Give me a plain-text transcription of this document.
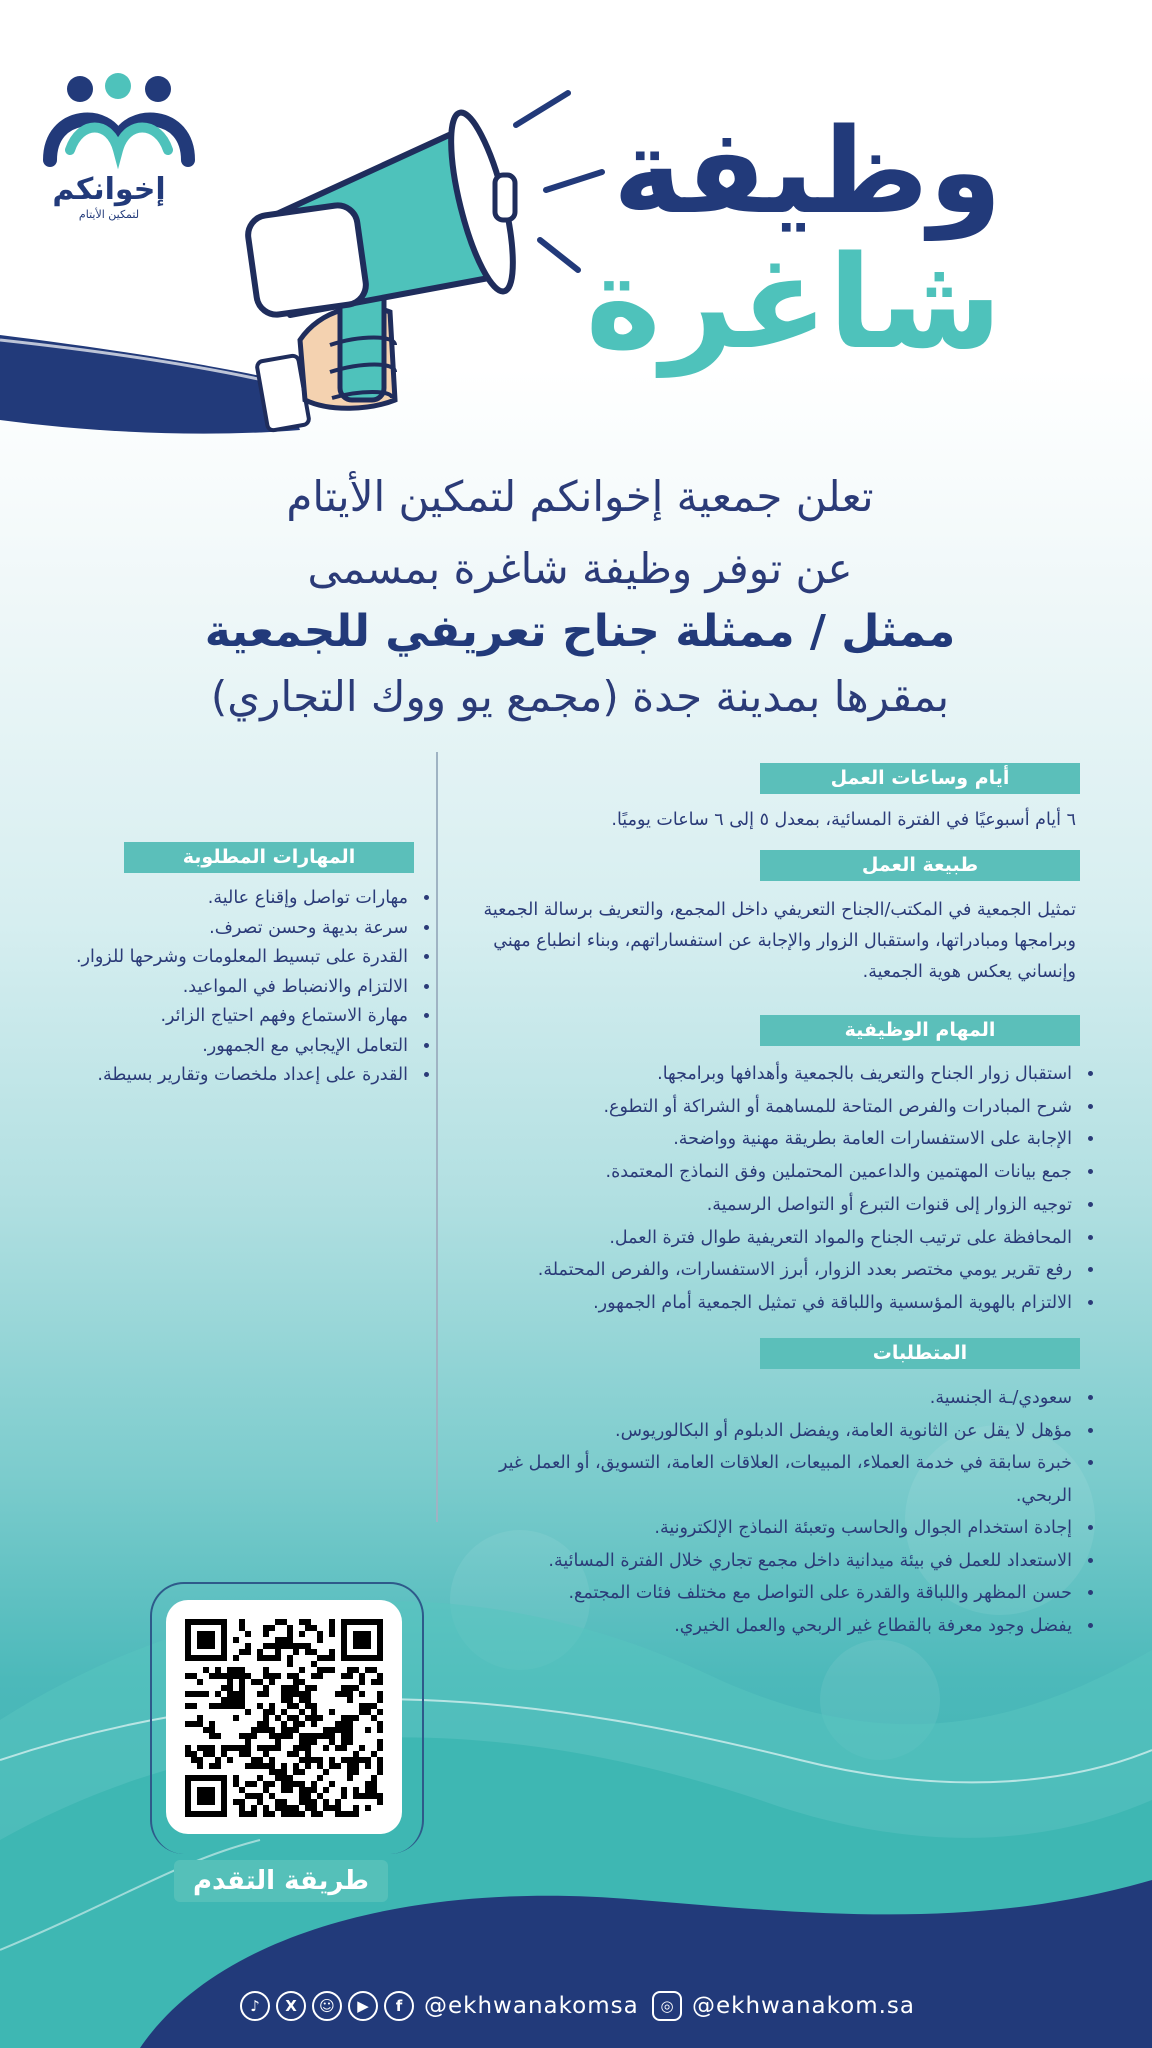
إخوانكم
لتمكين الأيتام	وظيفة
شاغرة
تعلن جمعية إخوانكم لتمكين الأيتام
عن توفر وظيفة شاغرة بمسمى
ممثل / ممثلة جناح تعريفي للجمعية
بمقرها بمدينة جدة (مجمع يو ووك التجاري)
أيام وساعات العمل
٦ أيام أسبوعيًا في الفترة المسائية، بمعدل ٥ إلى ٦ ساعات يوميًا.
طبيعة العمل
تمثيل الجمعية في المكتب/الجناح التعريفي داخل المجمع، والتعريف برسالة الجمعية وبرامجها ومبادراتها، واستقبال الزوار والإجابة عن استفساراتهم، وبناء انطباع مهني وإنساني يعكس هوية الجمعية.
المهام الوظيفية
• استقبال زوار الجناح والتعريف بالجمعية وأهدافها وبرامجها.
• شرح المبادرات والفرص المتاحة للمساهمة أو الشراكة أو التطوع.
• الإجابة على الاستفسارات العامة بطريقة مهنية وواضحة.
• جمع بيانات المهتمين والداعمين المحتملين وفق النماذج المعتمدة.
• توجيه الزوار إلى قنوات التبرع أو التواصل الرسمية.
• المحافظة على ترتيب الجناح والمواد التعريفية طوال فترة العمل.
• رفع تقرير يومي مختصر بعدد الزوار، أبرز الاستفسارات، والفرص المحتملة.
• الالتزام بالهوية المؤسسية واللباقة في تمثيل الجمعية أمام الجمهور.
المتطلبات
• سعودي/ـة الجنسية.
• مؤهل لا يقل عن الثانوية العامة، ويفضل الدبلوم أو البكالوريوس.
• خبرة سابقة في خدمة العملاء، المبيعات، العلاقات العامة، التسويق، أو العمل غير الربحي.
• إجادة استخدام الجوال والحاسب وتعبئة النماذج الإلكترونية.
• الاستعداد للعمل في بيئة ميدانية داخل مجمع تجاري خلال الفترة المسائية.
• حسن المظهر واللباقة والقدرة على التواصل مع مختلف فئات المجتمع.
• يفضل وجود معرفة بالقطاع غير الربحي والعمل الخيري.
المهارات المطلوبة
• مهارات تواصل وإقناع عالية.
• سرعة بديهة وحسن تصرف.
• القدرة على تبسيط المعلومات وشرحها للزوار.
• الالتزام والانضباط في المواعيد.
• مهارة الاستماع وفهم احتياج الزائر.
• التعامل الإيجابي مع الجمهور.
• القدرة على إعداد ملخصات وتقارير بسيطة.
طريقة التقدم
♪	X	☺	▶	f @ekhwanakomsa	◎ @ekhwanakom.sa
